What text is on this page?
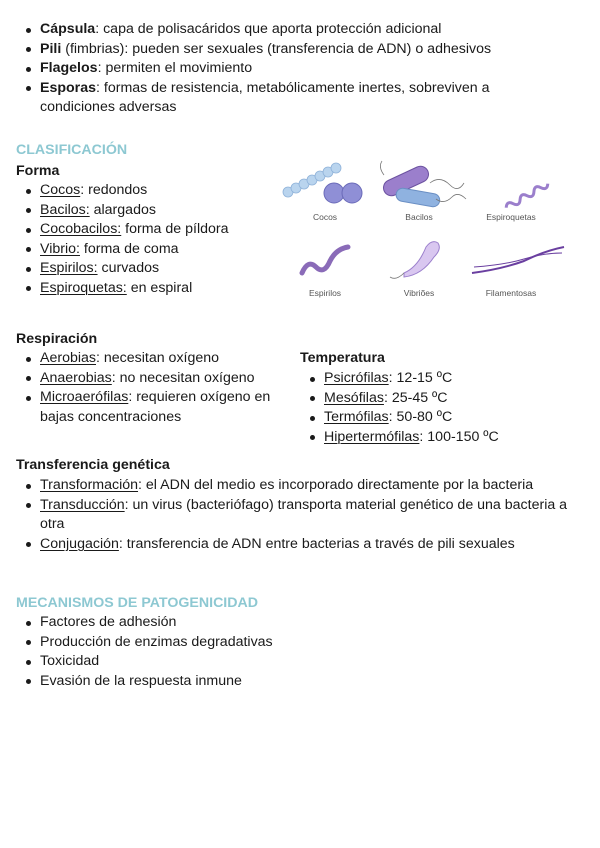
Cápsula: capa de polisacáridos que aporta protección adicional
Pili (fimbrias): pueden ser sexuales (transferencia de ADN) o adhesivos
Flagelos: permiten el movimiento
Esporas: formas de resistencia, metabólicamente inertes, sobreviven a condiciones adversas
CLASIFICACIÓN
Forma
Cocos: redondos
Bacilos: alargados
Cocobacilos: forma de píldora
Vibrio: forma de coma
Espirilos: curvados
Espiroquetas: en espiral
Cocos	Bacilos	Espiroquetas
Espirilos	Vibriões	Filamentosas
Respiración
Aerobias: necesitan oxígeno
Anaerobias: no necesitan oxígeno
Microaerófilas: requieren oxígeno en bajas concentraciones
Temperatura
Psicrófilas: 12-15 ºC
Mesófilas: 25-45 ºC
Termófilas: 50-80 ºC
Hipertermófilas: 100-150 ºC
Transferencia genética
Transformación: el ADN del medio es incorporado directamente por la bacteria
Transducción: un virus (bacteriófago) transporta material genético de una bacteria a otra
Conjugación: transferencia de ADN entre bacterias a través de pili sexuales
MECANISMOS DE PATOGENICIDAD
Factores de adhesión
Producción de enzimas degradativas
Toxicidad
Evasión de la respuesta inmune
